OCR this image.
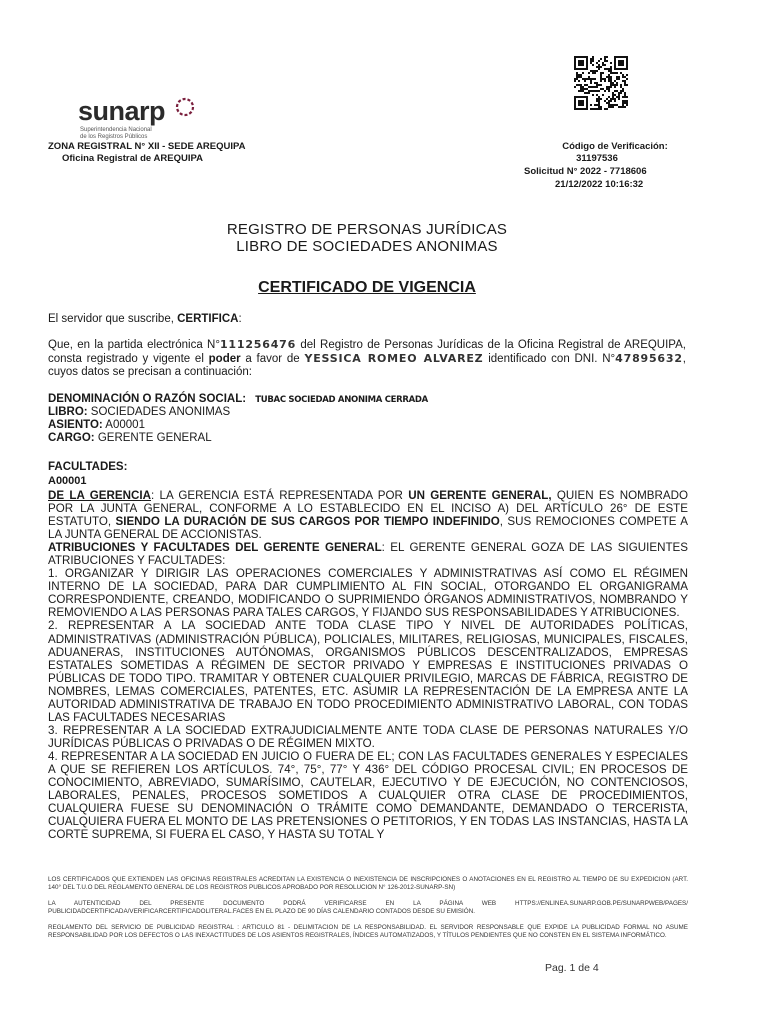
sunarp
Superintendencia Nacional de los Registros Públicos
ZONA REGISTRAL N° XII - SEDE AREQUIPA
Oficina Registral de AREQUIPA
Código de Verificación:
31197536
Solicitud N° 2022 - 7718606
21/12/2022 10:16:32
REGISTRO DE PERSONAS JURÍDICAS
LIBRO DE SOCIEDADES ANONIMAS
CERTIFICADO DE VIGENCIA
El servidor que suscribe, CERTIFICA:
Que, en la partida electrónica N°111256476 del Registro de Personas Jurídicas de la Oficina Registral de AREQUIPA, consta registrado y vigente el poder a favor de YESSICA ROMEO ALVAREZ identificado con DNI. N°47895632, cuyos datos se precisan a continuación:
DENOMINACIÓN O RAZÓN SOCIAL: TUBAC SOCIEDAD ANONIMA CERRADA
LIBRO: SOCIEDADES ANONIMAS
ASIENTO: A00001
CARGO: GERENTE GENERAL
FACULTADES:
A00001

DE LA GERENCIA: LA GERENCIA ESTÁ REPRESENTADA POR UN GERENTE GENERAL, QUIEN ES NOMBRADO POR LA JUNTA GENERAL, CONFORME A LO ESTABLECIDO EN EL INCISO A) DEL ARTÍCULO 26° DE ESTE ESTATUTO, SIENDO LA DURACIÓN DE SUS CARGOS POR TIEMPO INDEFINIDO, SUS REMOCIONES COMPETE A LA JUNTA GENERAL DE ACCIONISTAS.

ATRIBUCIONES Y FACULTADES DEL GERENTE GENERAL: EL GERENTE GENERAL GOZA DE LAS SIGUIENTES ATRIBUCIONES Y FACULTADES:

1. ORGANIZAR Y DIRIGIR LAS OPERACIONES COMERCIALES Y ADMINISTRATIVAS ASÍ COMO EL RÉGIMEN INTERNO DE LA SOCIEDAD, PARA DAR CUMPLIMIENTO AL FIN SOCIAL, OTORGANDO EL ORGANIGRAMA CORRESPONDIENTE, CREANDO, MODIFICANDO O SUPRIMIENDO ÓRGANOS ADMINISTRATIVOS, NOMBRANDO Y REMOVIENDO A LAS PERSONAS PARA TALES CARGOS, Y FIJANDO SUS RESPONSABILIDADES Y ATRIBUCIONES.

2. REPRESENTAR A LA SOCIEDAD ANTE TODA CLASE TIPO Y NIVEL DE AUTORIDADES POLÍTICAS, ADMINISTRATIVAS (ADMINISTRACIÓN PÚBLICA), POLICIALES, MILITARES, RELIGIOSAS, MUNICIPALES, FISCALES, ADUANERAS, INSTITUCIONES AUTÓNOMAS, ORGANISMOS PÚBLICOS DESCENTRALIZADOS, EMPRESAS ESTATALES SOMETIDAS A RÉGIMEN DE SECTOR PRIVADO Y EMPRESAS E INSTITUCIONES PRIVADAS O PÚBLICAS DE TODO TIPO. TRAMITAR Y OBTENER CUALQUIER PRIVILEGIO, MARCAS DE FÁBRICA, REGISTRO DE NOMBRES, LEMAS COMERCIALES, PATENTES, ETC. ASUMIR LA REPRESENTACIÓN DE LA EMPRESA ANTE LA AUTORIDAD ADMINISTRATIVA DE TRABAJO EN TODO PROCEDIMIENTO ADMINISTRATIVO LABORAL, CON TODAS LAS FACULTADES NECESARIAS

3. REPRESENTAR A LA SOCIEDAD EXTRAJUDICIALMENTE ANTE TODA CLASE DE PERSONAS NATURALES Y/O JURÍDICAS PÚBLICAS O PRIVADAS O DE RÉGIMEN MIXTO.

4. REPRESENTAR A LA SOCIEDAD EN JUICIO O FUERA DE EL; CON LAS FACULTADES GENERALES Y ESPECIALES A QUE SE REFIEREN LOS ARTÍCULOS. 74°, 75°, 77° Y 436° DEL CÓDIGO PROCESAL CIVIL; EN PROCESOS DE CONOCIMIENTO, ABREVIADO, SUMARÍSIMO, CAUTELAR, EJECUTIVO Y DE EJECUCIÓN, NO CONTENCIOSOS, LABORALES, PENALES, PROCESOS SOMETIDOS A CUALQUIER OTRA CLASE DE PROCEDIMIENTOS, CUALQUIERA FUESE SU DENOMINACIÓN O TRÁMITE COMO DEMANDANTE, DEMANDADO O TERCERISTA, CUALQUIERA FUERA EL MONTO DE LAS PRETENSIONES O PETITORIOS, Y EN TODAS LAS INSTANCIAS, HASTA LA CORTE SUPREMA, SI FUERA EL CASO, Y HASTA SU TOTAL Y

LOS CERTIFICADOS QUE EXTIENDEN LAS OFICINAS REGISTRALES ACREDITAN LA EXISTENCIA O INEXISTENCIA DE INSCRIPCIONES O ANOTACIONES EN EL REGISTRO AL TIEMPO DE SU EXPEDICION (ART. 140° DEL T.U.O DEL REGLAMENTO GENERAL DE LOS REGISTROS PUBLICOS APROBADO POR RESOLUCION N° 126-2012-SUNARP-SN)
LA AUTENTICIDAD DEL PRESENTE DOCUMENTO PODRÁ VERIFICARSE EN LA PÁGINA WEB HTTPS://ENLINEA.SUNARP.GOB.PE/SUNARPWEB/PAGES/ PUBLICIDADCERTIFICADA/VERIFICARCERTIFICADOLITERAL.FACES EN EL PLAZO DE 90 DÍAS CALENDARIO CONTADOS DESDE SU EMISIÓN.
REGLAMENTO DEL SERVICIO DE PUBLICIDAD REGISTRAL : ARTICULO 81 - DELIMITACION DE LA RESPONSABILIDAD. EL SERVIDOR RESPONSABLE QUE EXPIDE LA PUBLICIDAD FORMAL NO ASUME RESPONSABILIDAD POR LOS DEFECTOS O LAS INEXACTITUDES DE LOS ASIENTOS REGISTRALES, ÍNDICES AUTOMATIZADOS, Y TÍTULOS PENDIENTES QUE NO CONSTEN EN EL SISTEMA INFORMÁTICO.
Pag. 1 de 4
